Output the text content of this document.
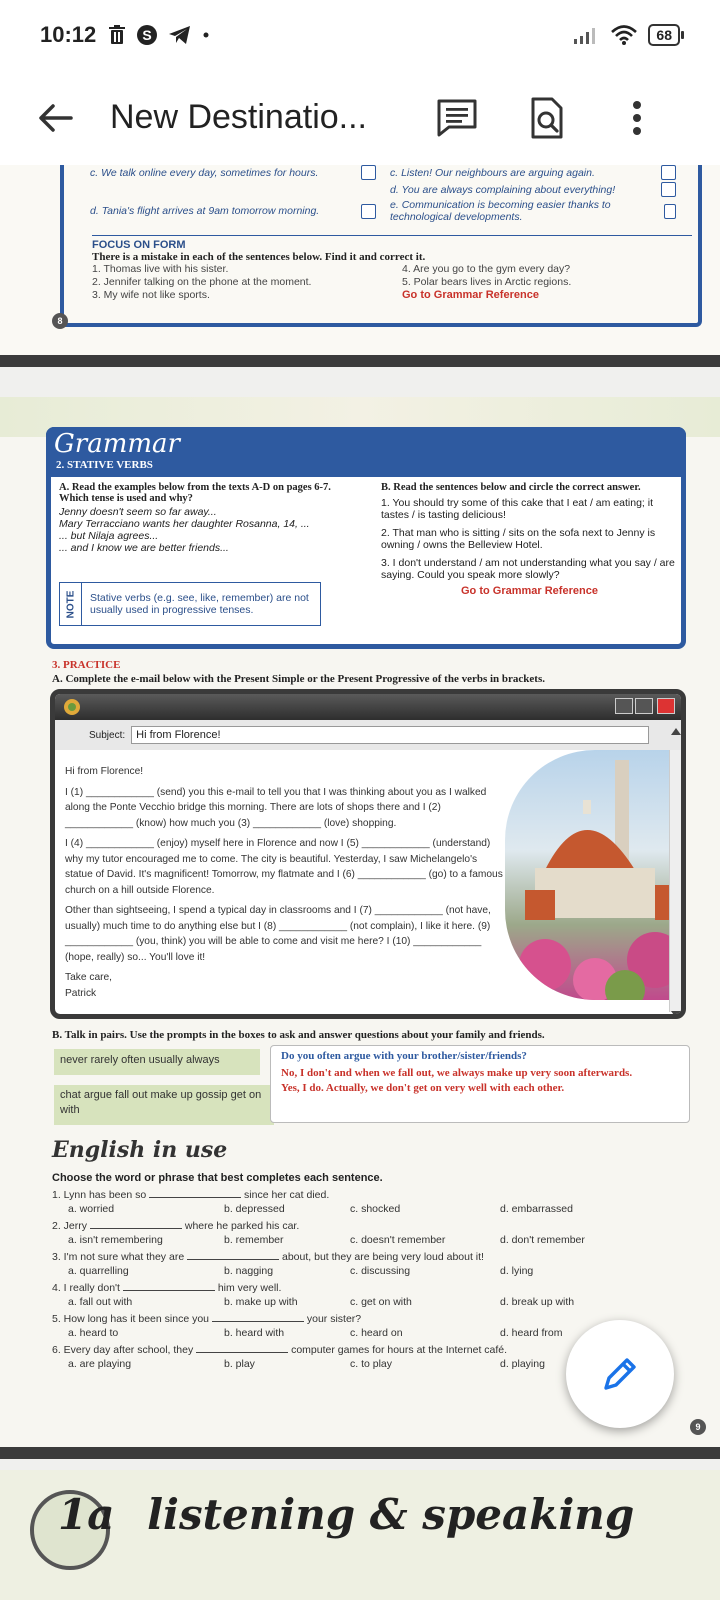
10:12	S	68
New Destinatio...
c. We talk online every day, sometimes for hours.	c. Listen! Our neighbours are arguing again.
d. You are always complaining about everything!
d. Tania's flight arrives at 9am tomorrow morning.	e. Communication is becoming easier thanks to technological developments.
FOCUS ON FORM
There is a mistake in each of the sentences below. Find it and correct it.
1. Thomas live with his sister.	4. Are you go to the gym every day?
2. Jennifer talking on the phone at the moment.	5. Polar bears lives in Arctic regions.
3. My wife not like sports.	Go to Grammar Reference
8
Grammar
2. STATIVE VERBS
A. Read the examples below from the texts A-D on pages 6-7. Which tense is used and why?
Jenny doesn't seem so far away...
Mary Terracciano wants her daughter Rosanna, 14, ...
... but Nilaja agrees...
... and I know we are better friends...
NOTE	Stative verbs (e.g. see, like, remember) are not usually used in progressive tenses.
B. Read the sentences below and circle the correct answer.
1. You should try some of this cake that I eat / am eating; it tastes / is tasting delicious!
2. That man who is sitting / sits on the sofa next to Jenny is owning / owns the Belleview Hotel.
3. I don't understand / am not understanding what you say / are saying. Could you speak more slowly?
Go to Grammar Reference
3. PRACTICE
A. Complete the e-mail below with the Present Simple or the Present Progressive of the verbs in brackets.
Subject:	Hi from Florence!

Hi from Florence!

I (1) ____________ (send) you this e-mail to tell you that I was thinking about you as I walked along the Ponte Vecchio bridge this morning. There are lots of shops there and I (2) ____________ (know) how much you (3) ____________ (love) shopping.

I (4) ____________ (enjoy) myself here in Florence and now I (5) ____________ (understand) why my tutor encouraged me to come. The city is beautiful. Yesterday, I saw Michelangelo's statue of David. It's magnificent! Tomorrow, my flatmate and I (6) ____________ (go) to a famous church on a hill outside Florence.

Other than sightseeing, I spend a typical day in classrooms and I (7) ____________ (not have, usually) much time to do anything else but I (8) ____________ (not complain), I like it here. (9) ____________ (you, think) you will be able to come and visit me here? I (10) ____________ (hope, really) so... You'll love it!

Take care,
Patrick
B. Talk in pairs. Use the prompts in the boxes to ask and answer questions about your family and friends.
never rarely often usually always
chat argue fall out make up gossip get on with
Do you often argue with your brother/sister/friends?
No, I don't and when we fall out, we always make up very soon afterwards.
Yes, I do. Actually, we don't get on very well with each other.
English in use
Choose the word or phrase that best completes each sentence.
1. Lynn has been so	since her cat died.
a. worried	b. depressed	c. shocked	d. embarrassed
2. Jerry	where he parked his car.
a. isn't remembering	b. remember	c. doesn't remember	d. don't remember
3. I'm not sure what they are	about, but they are being very loud about it!
a. quarrelling	b. nagging	c. discussing	d. lying
4. I really don't	him very well.
a. fall out with	b. make up with	c. get on with	d. break up with
5. How long has it been since you	your sister?
a. heard to	b. heard with	c. heard on	d. heard from
6. Every day after school, they	computer games for hours at the Internet café.
a. are playing	b. play	c. to play	d. playing
9
1a listening & speaking
